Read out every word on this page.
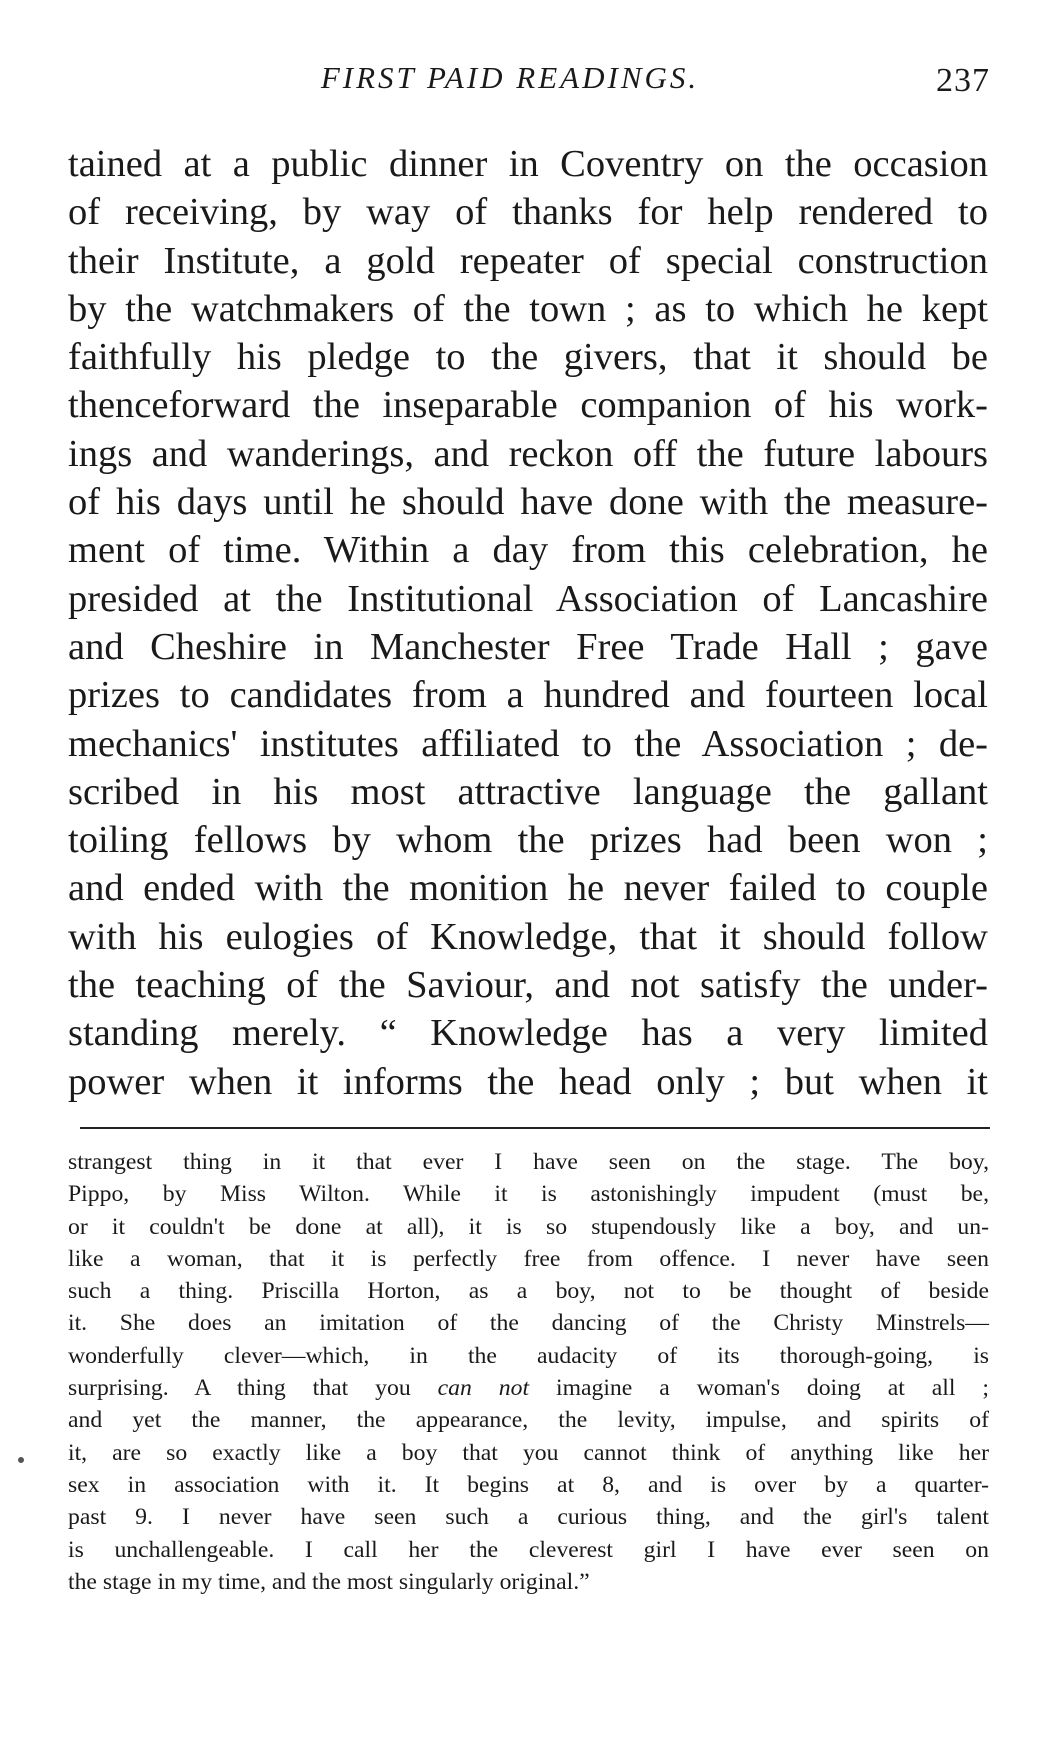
FIRST PAID READINGS.	237
tained at a public dinner in Coventry on the occasion
of receiving, by way of thanks for help rendered to
their Institute, a gold repeater of special construction
by the watchmakers of the town ; as to which he kept
faithfully his pledge to the givers, that it should be
thenceforward the inseparable companion of his work-
ings and wanderings, and reckon off the future labours
of his days until he should have done with the measure-
ment of time. Within a day from this celebration, he
presided at the Institutional Association of Lancashire
and Cheshire in Manchester Free Trade Hall ; gave
prizes to candidates from a hundred and fourteen local
mechanics' institutes affiliated to the Association ; de-
scribed in his most attractive language the gallant
toiling fellows by whom the prizes had been won ;
and ended with the monition he never failed to couple
with his eulogies of Knowledge, that it should follow
the teaching of the Saviour, and not satisfy the under-
standing merely. “ Knowledge has a very limited
power when it informs the head only ; but when it
strangest thing in it that ever I have seen on the stage. The boy,
Pippo, by Miss Wilton. While it is astonishingly impudent (must be,
or it couldn't be done at all), it is so stupendously like a boy, and un-
like a woman, that it is perfectly free from offence. I never have seen
such a thing. Priscilla Horton, as a boy, not to be thought of beside
it. She does an imitation of the dancing of the Christy Minstrels—
wonderfully clever—which, in the audacity of its thorough-going, is
surprising. A thing that you can not imagine a woman's doing at all ;
and yet the manner, the appearance, the levity, impulse, and spirits of
it, are so exactly like a boy that you cannot think of anything like her
sex in association with it. It begins at 8, and is over by a quarter-
past 9. I never have seen such a curious thing, and the girl's talent
is unchallengeable. I call her the cleverest girl I have ever seen on
the stage in my time, and the most singularly original.”
